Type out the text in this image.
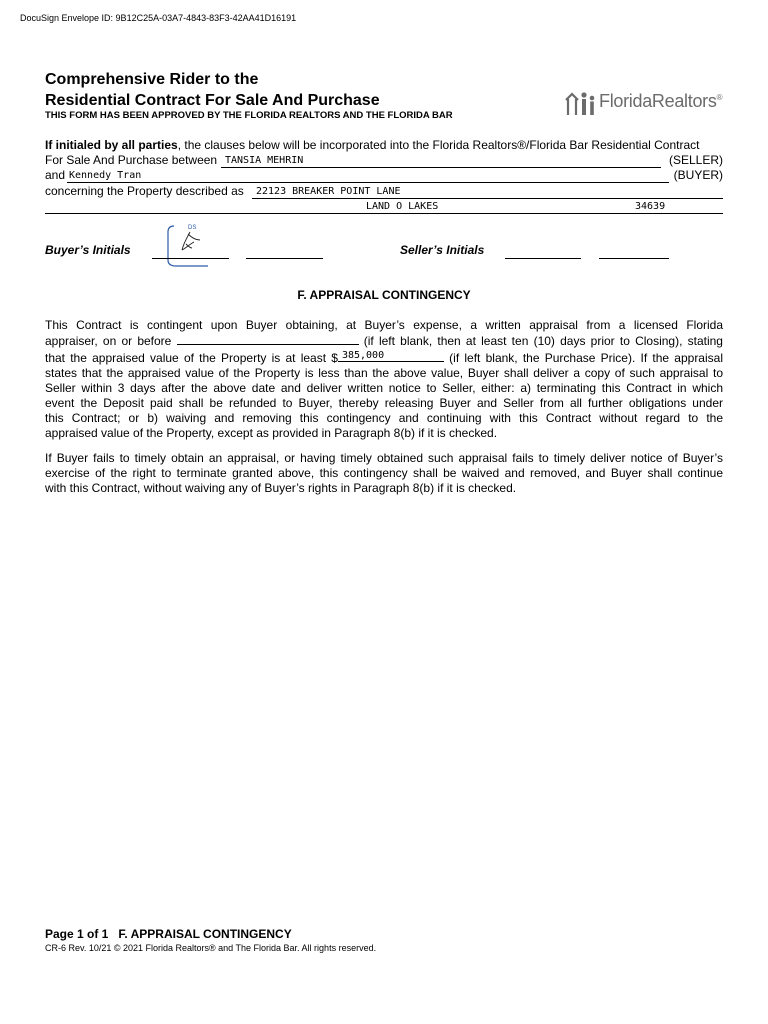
DocuSign Envelope ID: 9B12C25A-03A7-4843-83F3-42AA41D16191
Comprehensive Rider to the
Residential Contract For Sale And Purchase
THIS FORM HAS BEEN APPROVED BY THE FLORIDA REALTORS AND THE FLORIDA BAR
FloridaRealtors®
If initialed by all parties, the clauses below will be incorporated into the Florida Realtors®/Florida Bar Residential Contract
For Sale And Purchase between TANSIA MEHRIN	(SELLER)
and Kennedy Tran	(BUYER)
concerning the Property described as 22123 BREAKER POINT LANE
LAND O LAKES	34639
Buyer’s Initials
DS
Seller’s Initials
F. APPRAISAL CONTINGENCY
This Contract is contingent upon Buyer obtaining, at Buyer’s expense, a written appraisal from a licensed Florida
appraiser, on or before	(if left blank, then at least ten (10) days prior to Closing), stating
that the appraised value of the Property is at least $ 385,000	(if left blank, the Purchase Price). If the appraisal
states that the appraised value of the Property is less than the above value, Buyer shall deliver a copy of such appraisal to
Seller within 3 days after the above date and deliver written notice to Seller, either: a) terminating this Contract in which
event the Deposit paid shall be refunded to Buyer, thereby releasing Buyer and Seller from all further obligations under
this Contract; or b) waiving and removing this contingency and continuing with this Contract without regard to the
appraised value of the Property, except as provided in Paragraph 8(b) if it is checked.
If Buyer fails to timely obtain an appraisal, or having timely obtained such appraisal fails to timely deliver notice of Buyer’s
exercise of the right to terminate granted above, this contingency shall be waived and removed, and Buyer shall continue
with this Contract, without waiving any of Buyer’s rights in Paragraph 8(b) if it is checked.
Page 1 of 1 F. APPRAISAL CONTINGENCY
CR-6 Rev. 10/21 © 2021 Florida Realtors® and The Florida Bar. All rights reserved.
